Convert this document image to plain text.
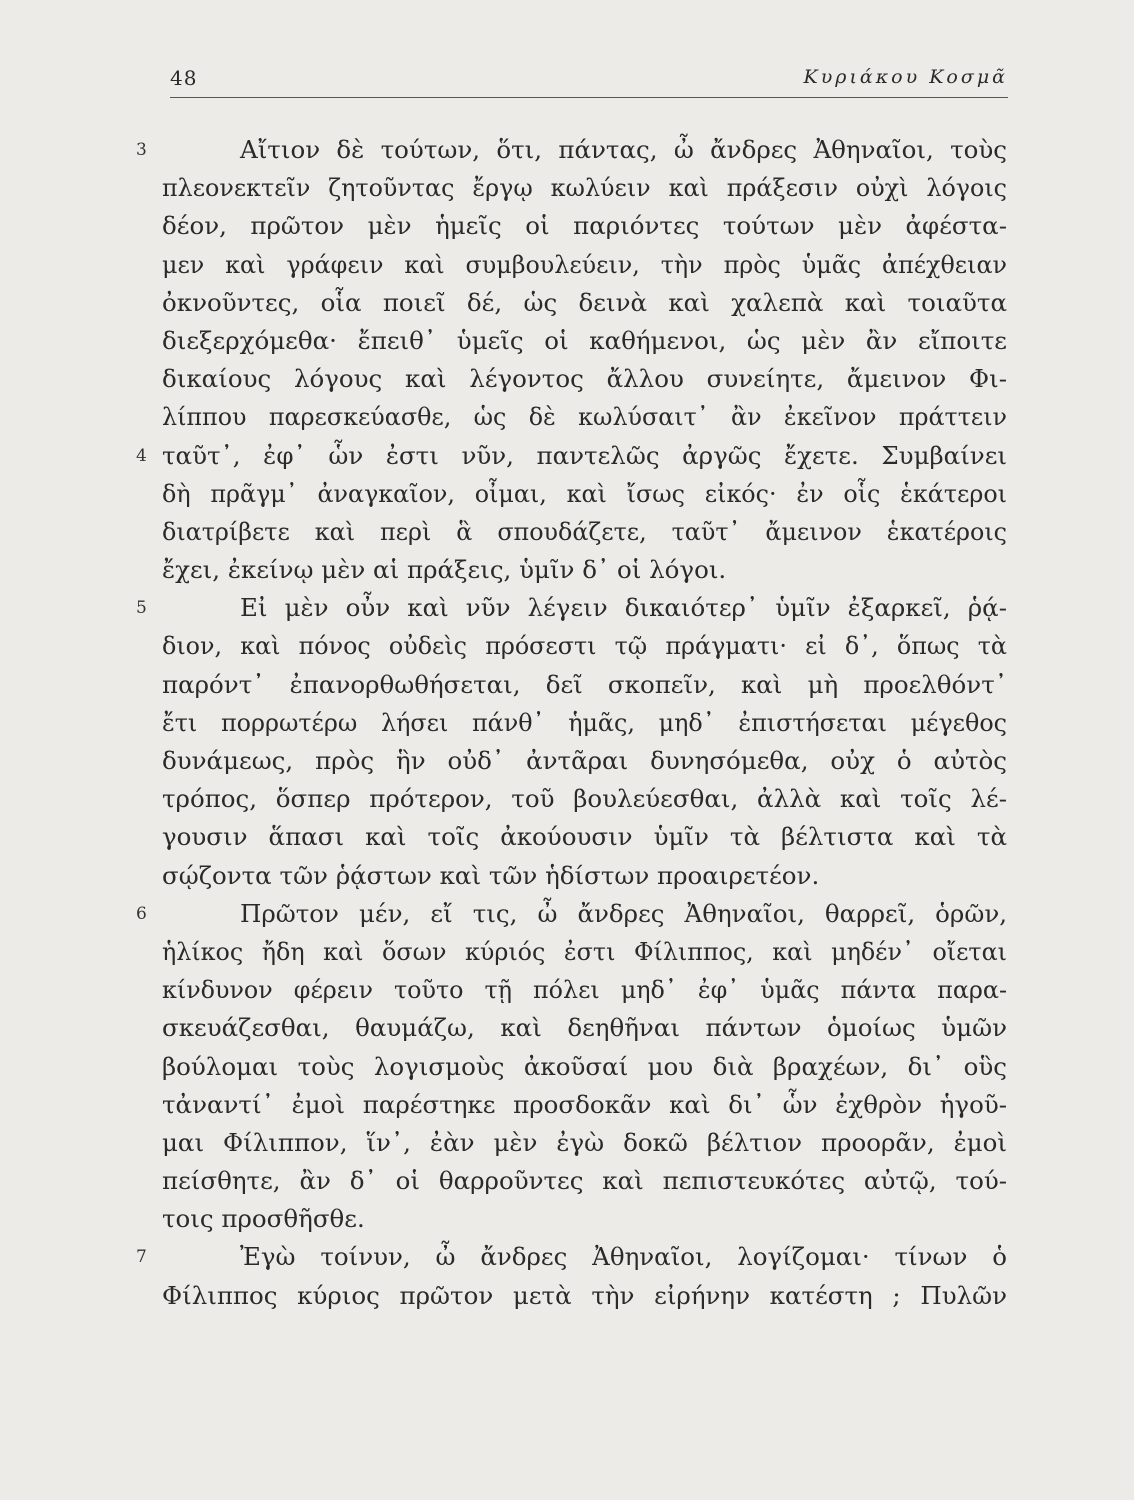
48	Κυριάκου Κοσμᾶ
3	Αἴτιον δὲ τούτων, ὅτι, πάντας, ὦ ἄνδρες Ἀθηναῖοι, τοὺς
πλεονεκτεῖν ζητοῦντας ἔργῳ κωλύειν καὶ πράξεσιν οὐχὶ λόγοις
δέον, πρῶτον μὲν ἡμεῖς οἱ παριόντες τούτων μὲν ἀφέστα-
μεν καὶ γράφειν καὶ συμβουλεύειν, τὴν πρὸς ὑμᾶς ἀπέχθειαν
ὀκνοῦντες, οἷα ποιεῖ δέ, ὡς δεινὰ καὶ χαλεπὰ καὶ τοιαῦτα
διεξερχόμεθα· ἔπειθ᾽ ὑμεῖς οἱ καθήμενοι, ὡς μὲν ἂν εἴποιτε
δικαίους λόγους καὶ λέγοντος ἄλλου συνείητε, ἄμεινον Φι-
λίππου παρεσκεύασθε, ὡς δὲ κωλύσαιτ᾽ ἂν ἐκεῖνον πράττειν
4 ταῦτ᾽, ἐφ᾽ ὧν ἐστι νῦν, παντελῶς ἀργῶς ἔχετε. Συμβαίνει
δὴ πρᾶγμ᾽ ἀναγκαῖον, οἶμαι, καὶ ἴσως εἰκός· ἐν οἷς ἑκάτεροι
διατρίβετε καὶ περὶ ἃ σπουδάζετε, ταῦτ᾽ ἄμεινον ἑκατέροις
ἔχει, ἐκείνῳ μὲν αἱ πράξεις, ὑμῖν δ᾽ οἱ λόγοι.
5	Εἰ μὲν οὖν καὶ νῦν λέγειν δικαιότερ᾽ ὑμῖν ἐξαρκεῖ, ῥᾴ-
διον, καὶ πόνος οὐδεὶς πρόσεστι τῷ πράγματι· εἰ δ᾽, ὅπως τὰ
παρόντ᾽ ἐπανορθωθήσεται, δεῖ σκοπεῖν, καὶ μὴ προελθόντ᾽
ἔτι πορρωτέρω λήσει πάνθ᾽ ἡμᾶς, μηδ᾽ ἐπιστήσεται μέγεθος
δυνάμεως, πρὸς ἣν οὐδ᾽ ἀντᾶραι δυνησόμεθα, οὐχ ὁ αὐτὸς
τρόπος, ὅσπερ πρότερον, τοῦ βουλεύεσθαι, ἀλλὰ καὶ τοῖς λέ-
γουσιν ἅπασι καὶ τοῖς ἀκούουσιν ὑμῖν τὰ βέλτιστα καὶ τὰ
σῴζοντα τῶν ῥᾴστων καὶ τῶν ἡδίστων προαιρετέον.
6	Πρῶτον μέν, εἴ τις, ὦ ἄνδρες Ἀθηναῖοι, θαρρεῖ, ὁρῶν,
ἡλίκος ἤδη καὶ ὅσων κύριός ἐστι Φίλιππος, καὶ μηδέν᾽ οἴεται
κίνδυνον φέρειν τοῦτο τῇ πόλει μηδ᾽ ἐφ᾽ ὑμᾶς πάντα παρα-
σκευάζεσθαι, θαυμάζω, καὶ δεηθῆναι πάντων ὁμοίως ὑμῶν
βούλομαι τοὺς λογισμοὺς ἀκοῦσαί μου διὰ βραχέων, δι᾽ οὓς
τἀναντί᾽ ἐμοὶ παρέστηκε προσδοκᾶν καὶ δι᾽ ὧν ἐχθρὸν ἡγοῦ-
μαι Φίλιππον, ἵν᾽, ἐὰν μὲν ἐγὼ δοκῶ βέλτιον προορᾶν, ἐμοὶ
πείσθητε, ἂν δ᾽ οἱ θαρροῦντες καὶ πεπιστευκότες αὐτῷ, τού-
τοις προσθῆσθε.
7	Ἐγὼ τοίνυν, ὦ ἄνδρες Ἀθηναῖοι, λογίζομαι· τίνων ὁ
Φίλιππος κύριος πρῶτον μετὰ τὴν εἰρήνην κατέστη ; Πυλῶν
